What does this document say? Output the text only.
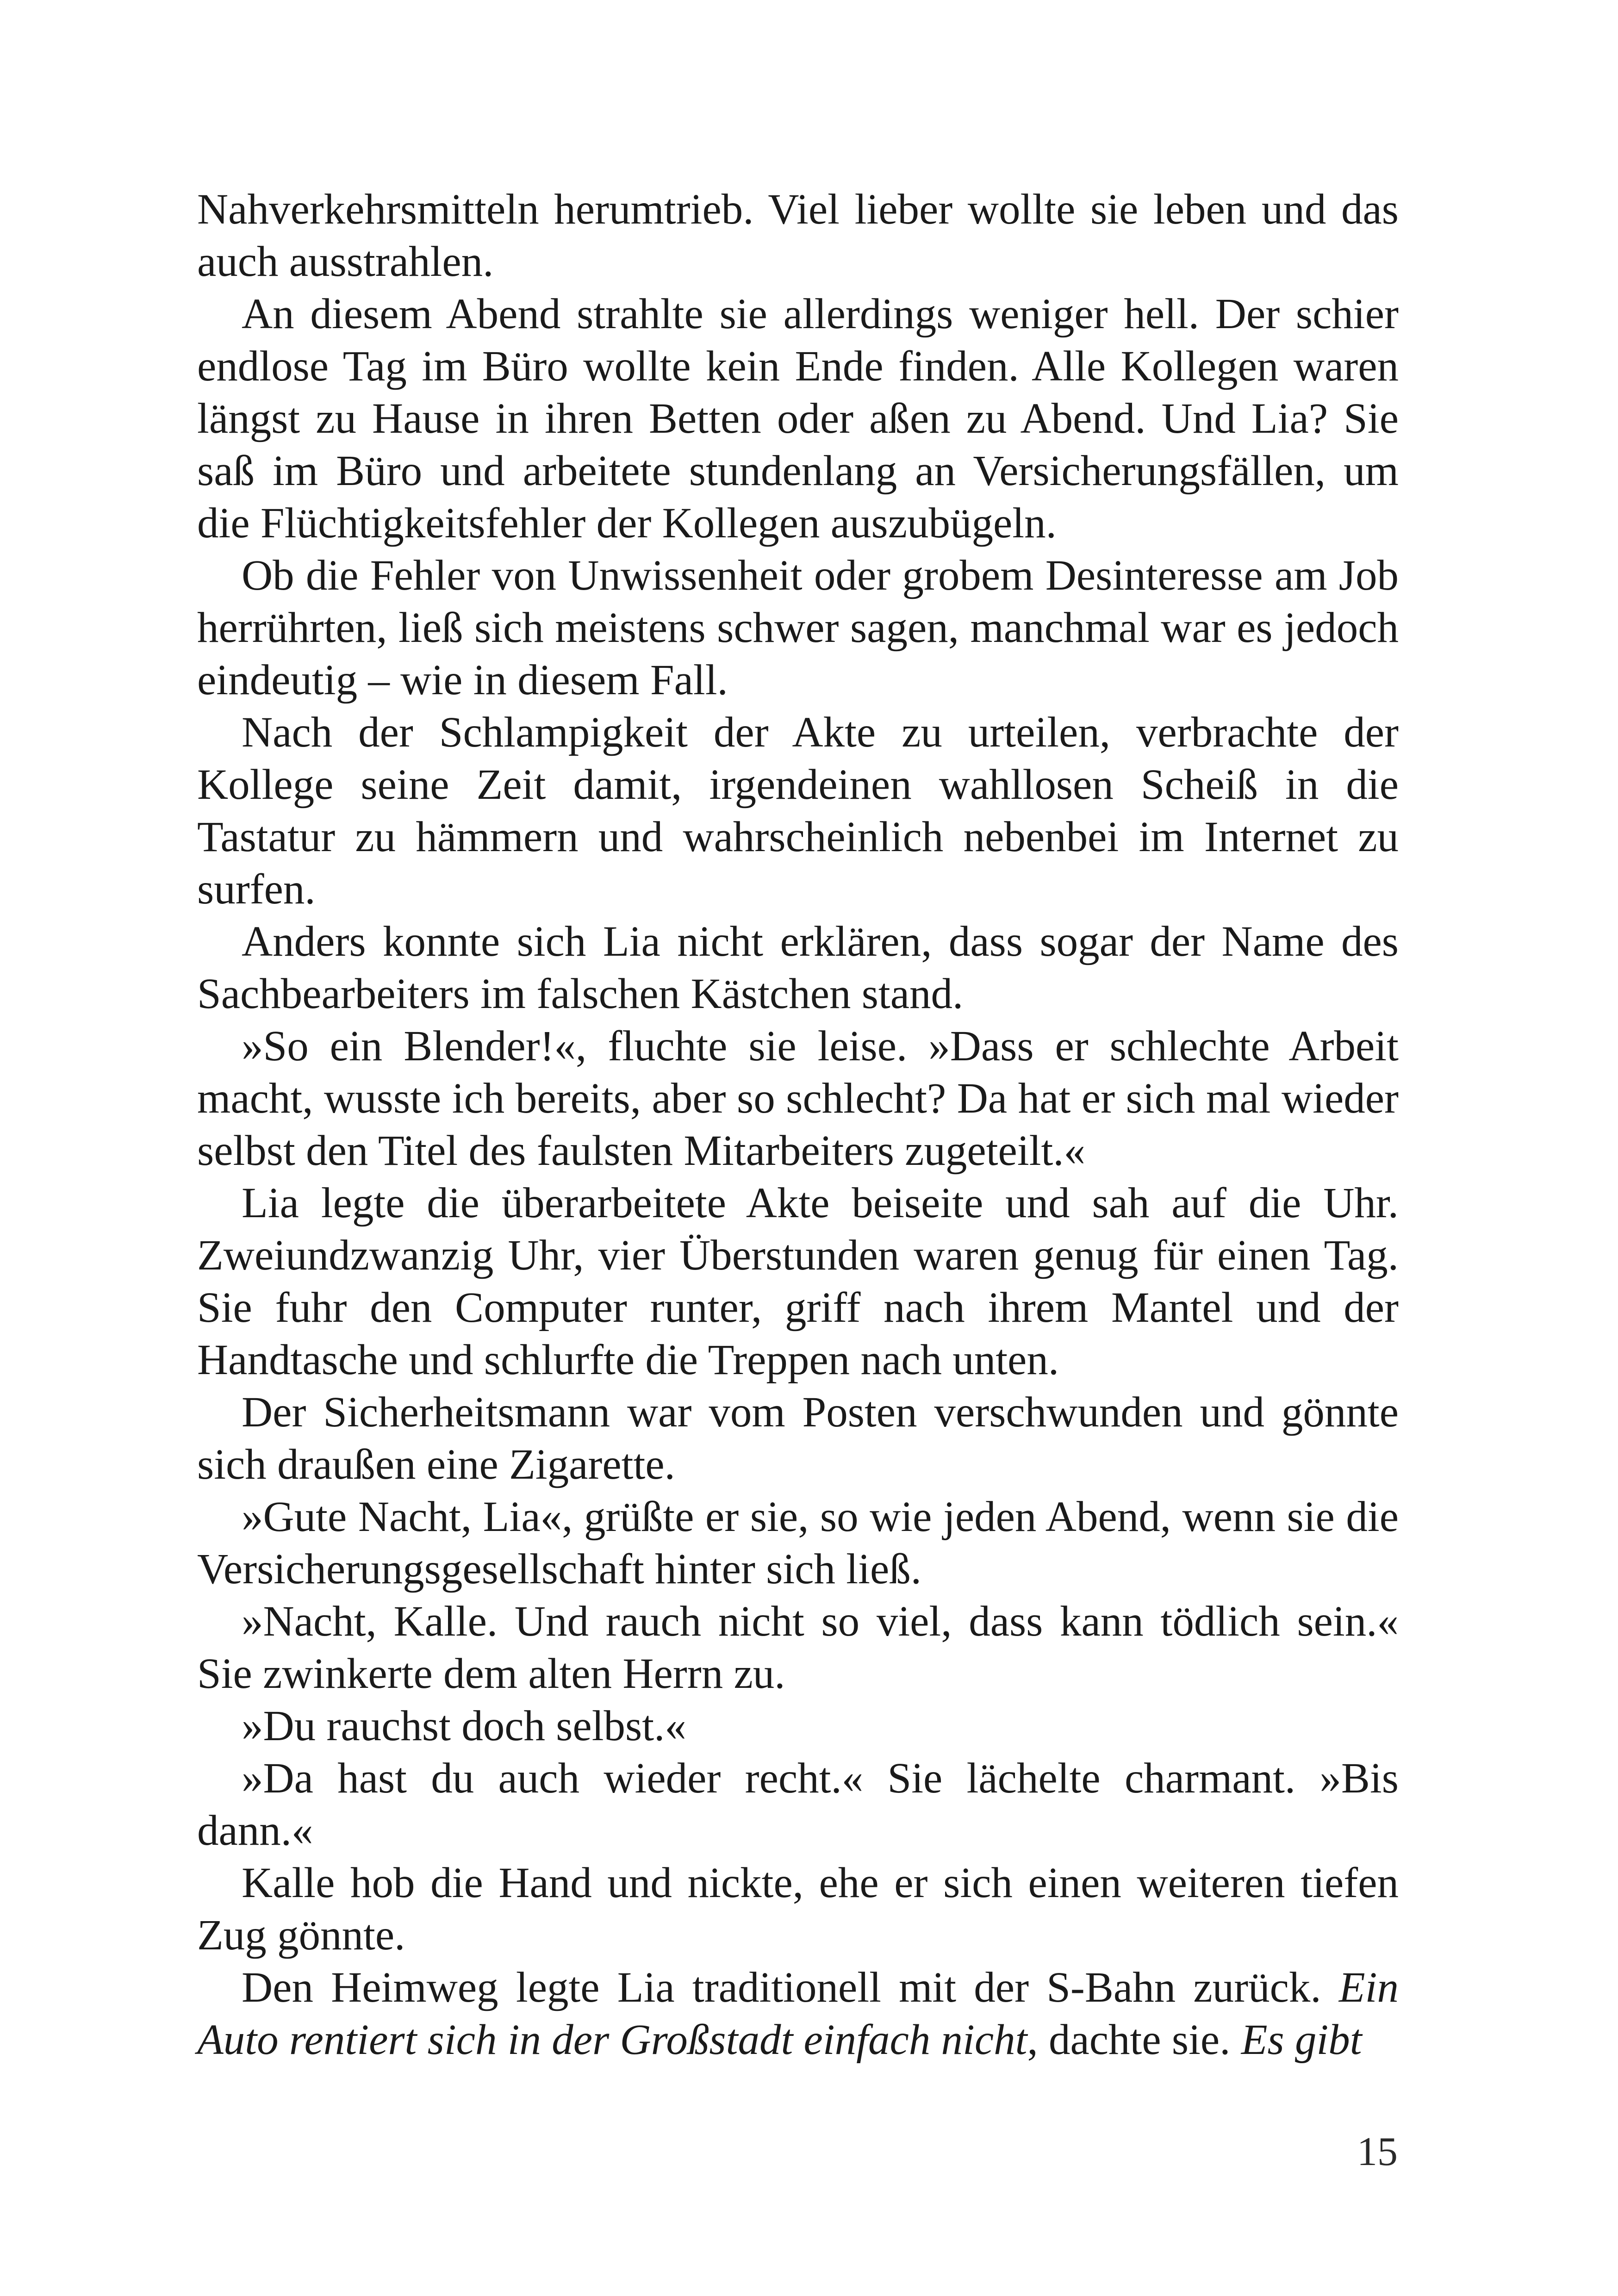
Nahverkehrsmitteln herumtrieb. Viel lieber wollte sie leben und das auch ausstrahlen.

An diesem Abend strahlte sie allerdings weniger hell. Der schier endlose Tag im Büro wollte kein Ende finden. Alle Kollegen waren längst zu Hause in ihren Betten oder aßen zu Abend. Und Lia? Sie saß im Büro und arbeitete stundenlang an Versicherungsfällen, um die Flüchtigkeitsfehler der Kollegen auszubügeln.

Ob die Fehler von Unwissenheit oder grobem Desinteresse am Job herrührten, ließ sich meistens schwer sagen, manchmal war es jedoch eindeutig – wie in diesem Fall.

Nach der Schlampigkeit der Akte zu urteilen, verbrachte der Kollege seine Zeit damit, irgendeinen wahllosen Scheiß in die Tastatur zu hämmern und wahrscheinlich nebenbei im Internet zu surfen.

Anders konnte sich Lia nicht erklären, dass sogar der Name des Sachbearbeiters im falschen Kästchen stand.

»So ein Blender!«, fluchte sie leise. »Dass er schlechte Arbeit macht, wusste ich bereits, aber so schlecht? Da hat er sich mal wieder selbst den Titel des faulsten Mitarbeiters zugeteilt.«

Lia legte die überarbeitete Akte beiseite und sah auf die Uhr. Zweiundzwanzig Uhr, vier Überstunden waren genug für einen Tag. Sie fuhr den Computer runter, griff nach ihrem Mantel und der Handtasche und schlurfte die Treppen nach unten.

Der Sicherheitsmann war vom Posten verschwunden und gönnte sich draußen eine Zigarette.

»Gute Nacht, Lia«, grüßte er sie, so wie jeden Abend, wenn sie die Versicherungsgesellschaft hinter sich ließ.

»Nacht, Kalle. Und rauch nicht so viel, dass kann tödlich sein.« Sie zwinkerte dem alten Herrn zu.

»Du rauchst doch selbst.«

»Da hast du auch wieder recht.« Sie lächelte charmant. »Bis dann.«

Kalle hob die Hand und nickte, ehe er sich einen weiteren tiefen Zug gönnte.

Den Heimweg legte Lia traditionell mit der S-Bahn zurück. Ein Auto rentiert sich in der Großstadt einfach nicht, dachte sie. Es gibt

15
